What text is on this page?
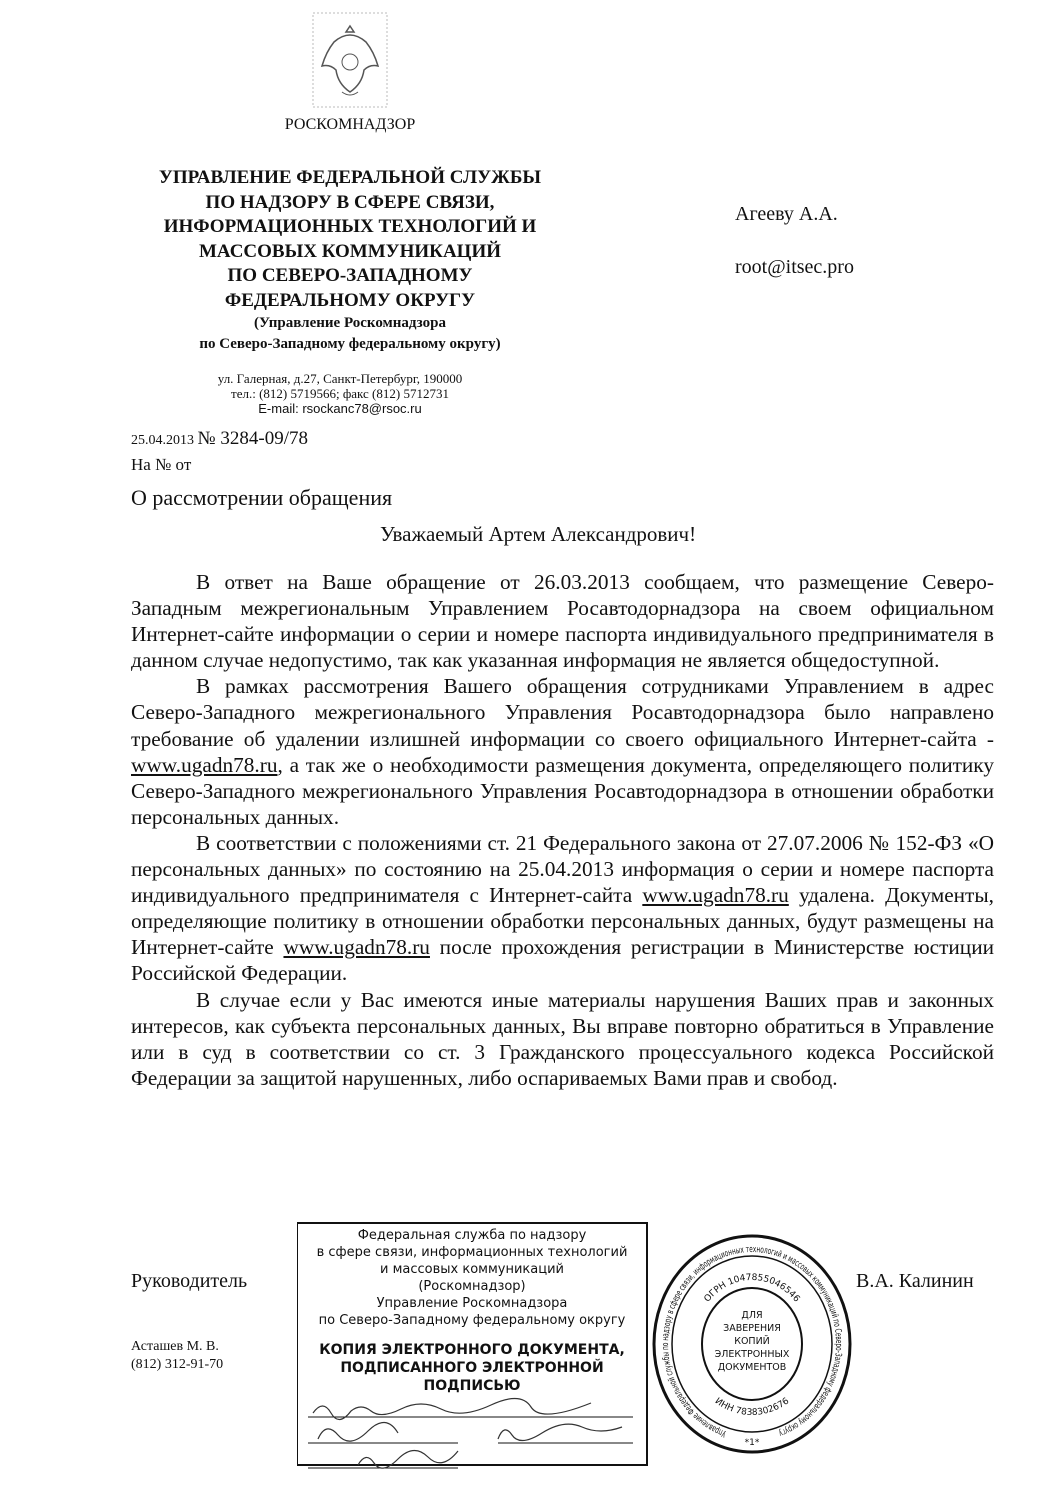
РОСКОМНАДЗОР
УПРАВЛЕНИЕ ФЕДЕРАЛЬНОЙ СЛУЖБЫ
ПО НАДЗОРУ В СФЕРЕ СВЯЗИ,
ИНФОРМАЦИОННЫХ ТЕХНОЛОГИЙ И
МАССОВЫХ КОММУНИКАЦИЙ
ПО СЕВЕРО-ЗАПАДНОМУ
ФЕДЕРАЛЬНОМУ ОКРУГУ
(Управление Роскомнадзора
по Северо-Западному федеральному округу)
Агееву А.А.
root@itsec.pro
ул. Галерная, д.27, Санкт-Петербург, 190000
тел.: (812) 5719566; факс (812) 5712731
E-mail: rsockanc78@rsoc.ru
25.04.2013 № 3284-09/78
На № от
О рассмотрении обращения
Уважаемый Артем Александрович!

В ответ на Ваше обращение от 26.03.2013 сообщаем, что размещение Северо-Западным межрегиональным Управлением Росавтодорнадзора на своем официальном Интернет-сайте информации о серии и номере паспорта индивидуального предпринимателя в данном случае недопустимо, так как указанная информация не является общедоступной.

В рамках рассмотрения Вашего обращения сотрудниками Управлением в адрес Северо-Западного межрегионального Управления Росавтодорнадзора было направлено требование об удалении излишней информации со своего официального Интернет-сайта - www.ugadn78.ru, а так же о необходимости размещения документа, определяющего политику Северо-Западного межрегионального Управления Росавтодорнадзора в отношении обработки персональных данных.

В соответствии с положениями ст. 21 Федерального закона от 27.07.2006 № 152-ФЗ «О персональных данных» по состоянию на 25.04.2013 информация о серии и номере паспорта индивидуального предпринимателя с Интернет-сайта www.ugadn78.ru удалена. Документы, определяющие политику в отношении обработки персональных данных, будут размещены на Интернет-сайте www.ugadn78.ru после прохождения регистрации в Министерстве юстиции Российской Федерации.

В случае если у Вас имеются иные материалы нарушения Ваших прав и законных интересов, как субъекта персональных данных, Вы вправе повторно обратиться в Управление или в суд в соответствии со ст. 3 Гражданского процессуального кодекса Российской Федерации за защитой нарушенных, либо оспариваемых Вами прав и свобод.

Руководитель	В.А. Калинин
Асташев М. В.
(812) 312-91-70
Федеральная служба по надзору
в сфере связи, информационных технологий
и массовых коммуникаций
(Роскомнадзор)
Управление Роскомнадзора
по Северо-Западному федеральному округу
КОПИЯ ЭЛЕКТРОННОГО ДОКУМЕНТА,
ПОДПИСАННОГО ЭЛЕКТРОННОЙ ПОДПИСЬЮ
Управление Федеральной службы по надзору в сфере связи, информационных технологий и массовых коммуникаций по Северо-Западному федеральному округу
ОГРН 1047855046546
ИНН 7838302676
ДЛЯ
ЗАВЕРЕНИЯ
КОПИЙ
ЭЛЕКТРОННЫХ
ДОКУМЕНТОВ
*1*
